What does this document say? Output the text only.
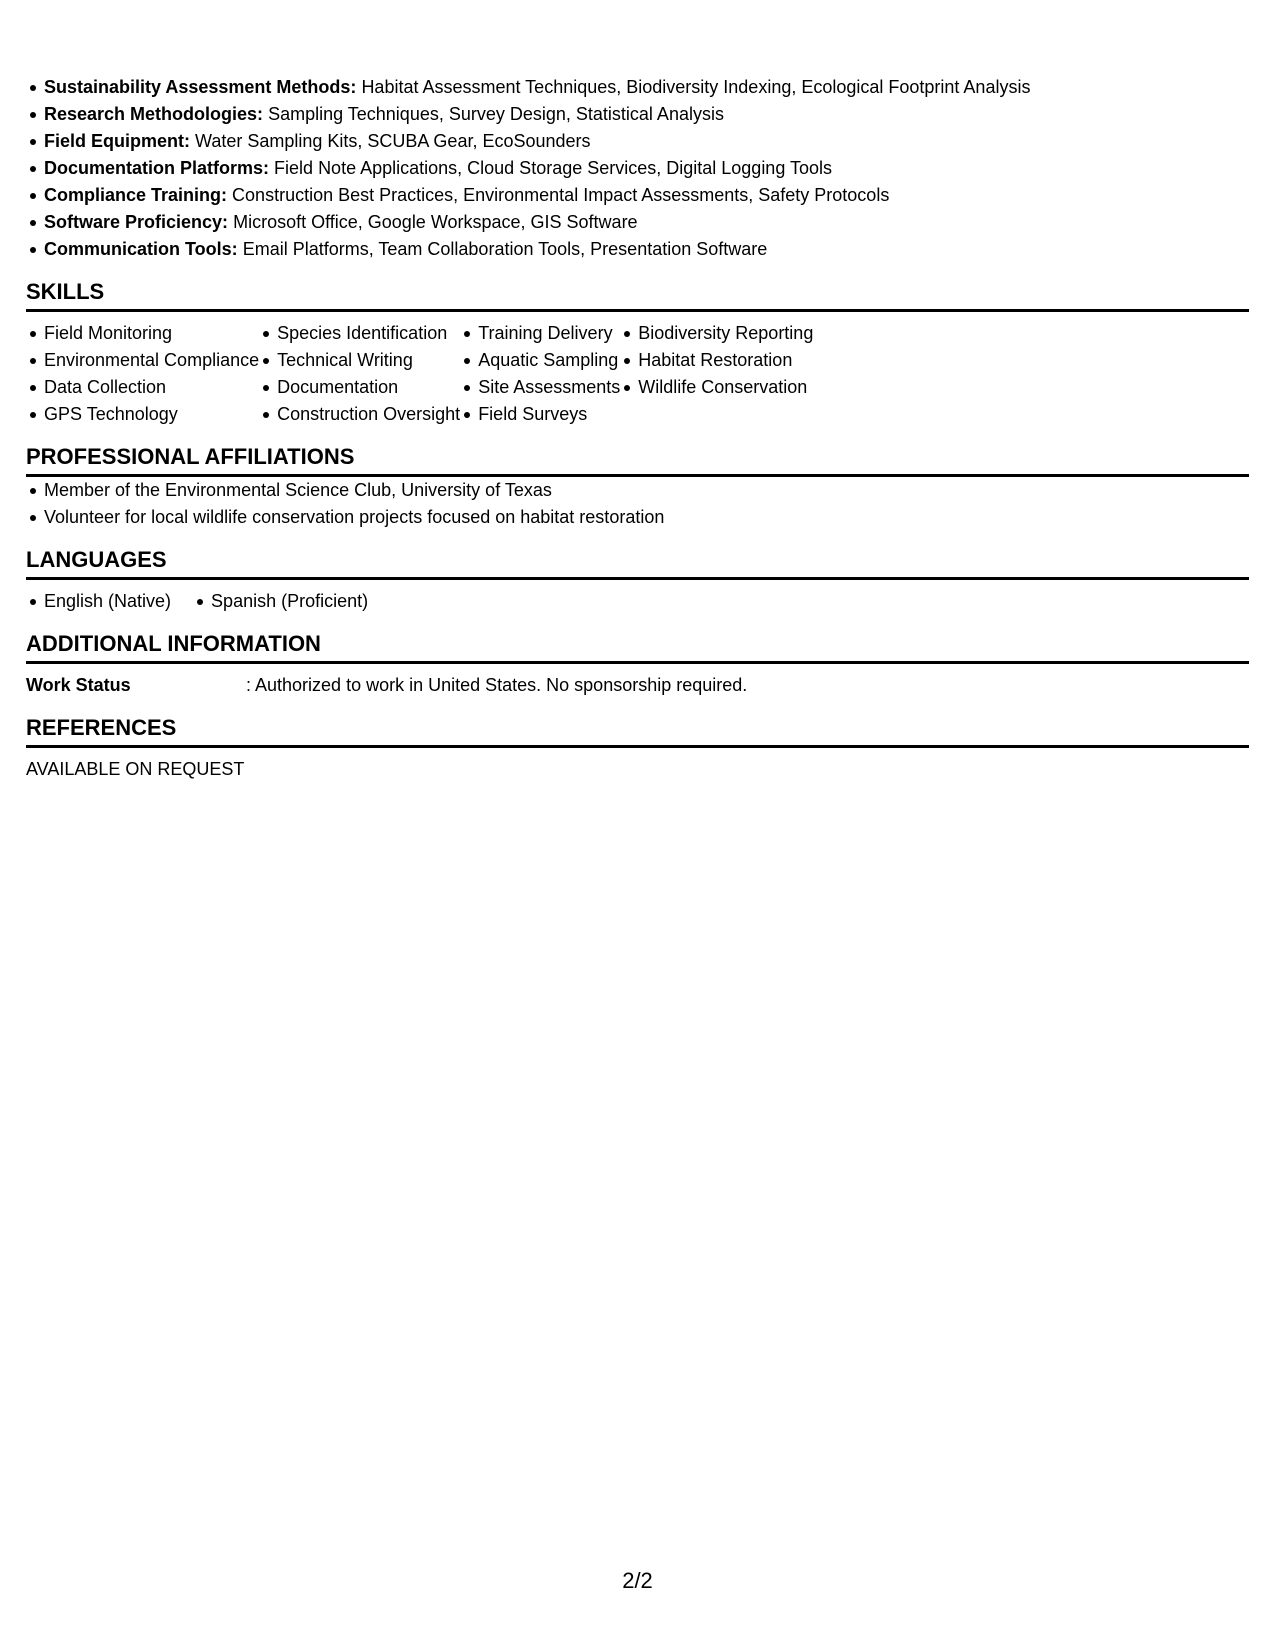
Sustainability Assessment Methods: Habitat Assessment Techniques, Biodiversity Indexing, Ecological Footprint Analysis
Research Methodologies: Sampling Techniques, Survey Design, Statistical Analysis
Field Equipment: Water Sampling Kits, SCUBA Gear, EcoSounders
Documentation Platforms: Field Note Applications, Cloud Storage Services, Digital Logging Tools
Compliance Training: Construction Best Practices, Environmental Impact Assessments, Safety Protocols
Software Proficiency: Microsoft Office, Google Workspace, GIS Software
Communication Tools: Email Platforms, Team Collaboration Tools, Presentation Software
SKILLS
Field Monitoring
Environmental Compliance
Data Collection
GPS Technology
Species Identification
Technical Writing
Documentation
Construction Oversight
Training Delivery
Aquatic Sampling
Site Assessments
Field Surveys
Biodiversity Reporting
Habitat Restoration
Wildlife Conservation
PROFESSIONAL AFFILIATIONS
Member of the Environmental Science Club, University of Texas
Volunteer for local wildlife conservation projects focused on habitat restoration
LANGUAGES
English (Native) Spanish (Proficient)
ADDITIONAL INFORMATION
Work Status	: Authorized to work in United States. No sponsorship required.
REFERENCES
AVAILABLE ON REQUEST
2/2
